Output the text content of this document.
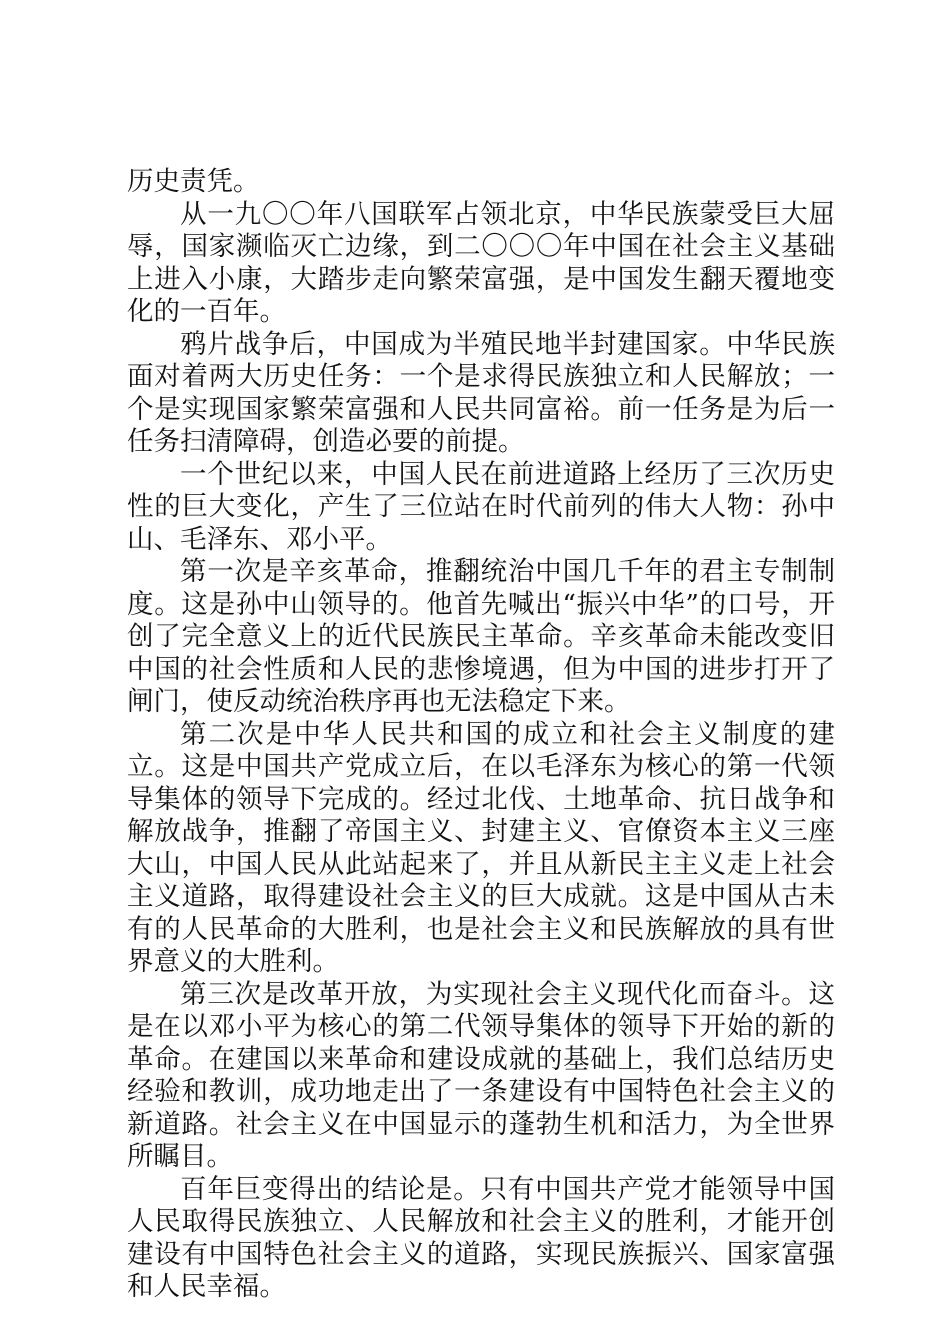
历史责凭。

从一九〇〇年八国联军占领北京，中华民族蒙受巨大屈辱，国家濒临灭亡边缘，到二〇〇〇年中国在社会主义基础上进入小康，大踏步走向繁荣富强，是中国发生翻天覆地变化的一百年。

鸦片战争后，中国成为半殖民地半封建国家。中华民族面对着两大历史任务：一个是求得民族独立和人民解放；一个是实现国家繁荣富强和人民共同富裕。前一任务是为后一任务扫清障碍，创造必要的前提。

一个世纪以来，中国人民在前进道路上经历了三次历史性的巨大变化，产生了三位站在时代前列的伟大人物：孙中山、毛泽东、邓小平。

第一次是辛亥革命，推翻统治中国几千年的君主专制制度。这是孙中山领导的。他首先喊出“振兴中华”的口号，开创了完全意义上的近代民族民主革命。辛亥革命未能改变旧中国的社会性质和人民的悲惨境遇，但为中国的进步打开了闸门，使反动统治秩序再也无法稳定下来。

第二次是中华人民共和国的成立和社会主义制度的建立。这是中国共产党成立后，在以毛泽东为核心的第一代领导集体的领导下完成的。经过北伐、土地革命、抗日战争和解放战争，推翻了帝国主义、封建主义、官僚资本主义三座大山，中国人民从此站起来了，并且从新民主主义走上社会主义道路，取得建设社会主义的巨大成就。这是中国从古未有的人民革命的大胜利，也是社会主义和民族解放的具有世界意义的大胜利。

第三次是改革开放，为实现社会主义现代化而奋斗。这是在以邓小平为核心的第二代领导集体的领导下开始的新的革命。在建国以来革命和建设成就的基础上，我们总结历史经验和教训，成功地走出了一条建设有中国特色社会主义的新道路。社会主义在中国显示的蓬勃生机和活力，为全世界所瞩目。

百年巨变得出的结论是。只有中国共产党才能领导中国人民取得民族独立、人民解放和社会主义的胜利，才能开创建设有中国特色社会主义的道路，实现民族振兴、国家富强和人民幸福。
